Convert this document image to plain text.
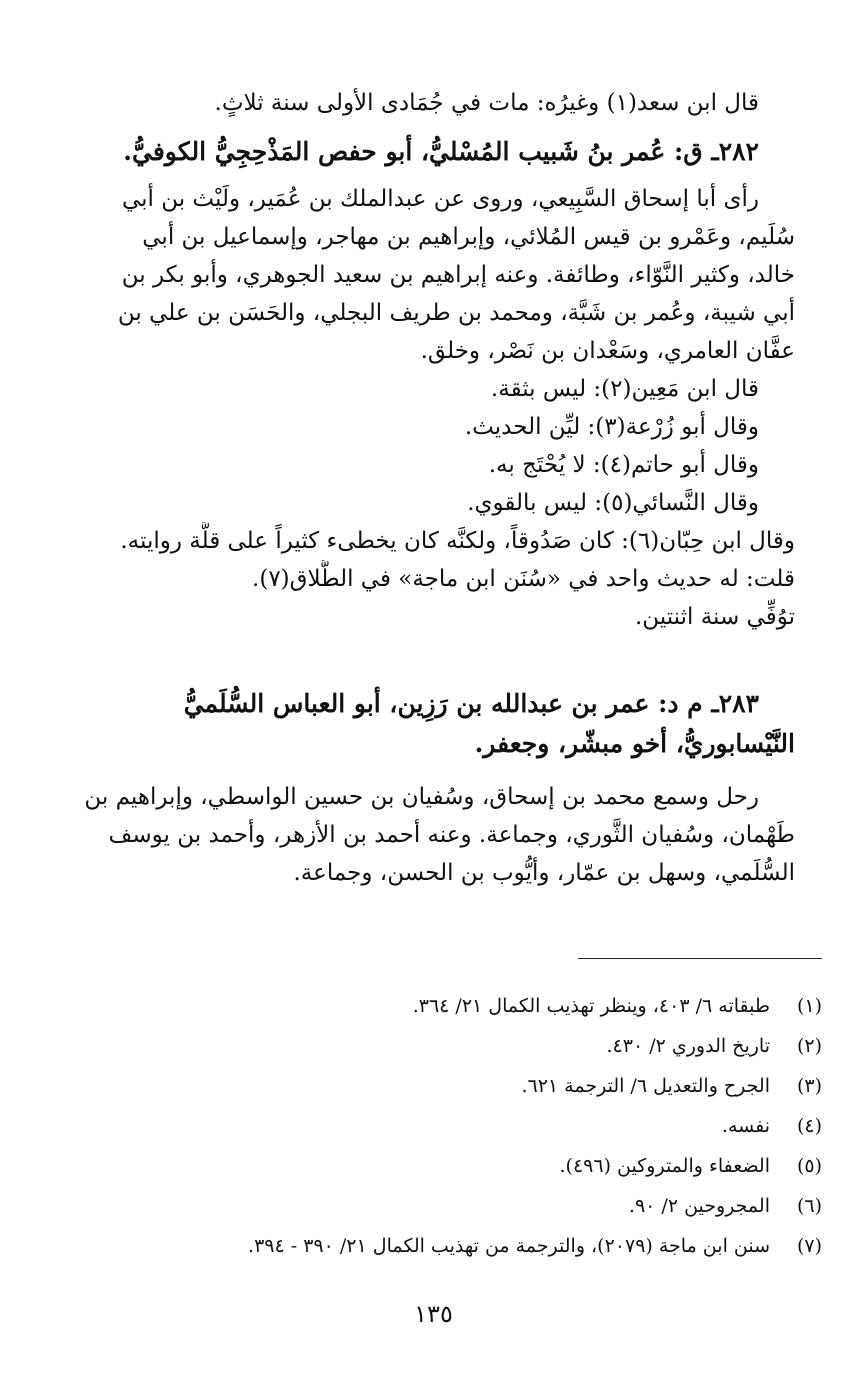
قال ابن سعد(١) وغيرُه: مات في جُمَادى الأولى سنة ثلاثٍ.

٢٨٢ـ ق: عُمر بنُ شَبيب المُسْليُّ، أبو حفص المَذْحِجِيُّ الكوفيُّ.

رأى أبا إسحاق السَّبِيعي، وروى عن عبدالملك بن عُمَير، ولَيْث بن أبي

سُلَيم، وعَمْرو بن قيس المُلائي، وإبراهيم بن مهاجر، وإسماعيل بن أبي

خالد، وكثير النَّوّاء، وطائفة. وعنه إبراهيم بن سعيد الجوهري، وأبو بكر بن

أبي شيبة، وعُمر بن شَبَّة، ومحمد بن طريف البجلي، والحَسَن بن علي بن

عفَّان العامري، وسَعْدان بن نَصْر، وخلق.

قال ابن مَعِين(٢): ليس بثقة.

وقال أبو زُرْعة(٣): ليِّن الحديث.

وقال أبو حاتم(٤): لا يُحْتَج به.

وقال النَّسائي(٥): ليس بالقوي.

وقال ابن حِبّان(٦): كان صَدُوقاً، ولكنَّه كان يخطىء كثيراً على قلَّة روايته.

قلت: له حديث واحد في «سُنَن ابن ماجة» في الطَّلاق(٧).

توُفِّي سنة اثنتين.

٢٨٣ـ م د: عمر بن عبدالله بن رَزِين، أبو العباس السُّلَميُّ

النَّيْسابوريُّ، أخو مبشّر، وجعفر.

رحل وسمع محمد بن إسحاق، وسُفيان بن حسين الواسطي، وإبراهيم بن

طَهْمان، وسُفيان الثَّوري، وجماعة. وعنه أحمد بن الأزهر، وأحمد بن يوسف

السُّلَمي، وسهل بن عمّار، وأيُّوب بن الحسن، وجماعة.

(١)
طبقاته ٦/ ٤٠٣، وينظر تهذيب الكمال ٢١/ ٣٦٤.
(٢)
تاريخ الدوري ٢/ ٤٣٠.
(٣)
الجرح والتعديل ٦/ الترجمة ٦٢١.
(٤)
نفسه.
(٥)
الضعفاء والمتروكين (٤٩٦).
(٦)
المجروحين ٢/ ٩٠.
(٧)
سنن ابن ماجة (٢٠٧٩)، والترجمة من تهذيب الكمال ٢١/ ٣٩٠ - ٣٩٤.
١٣٥
